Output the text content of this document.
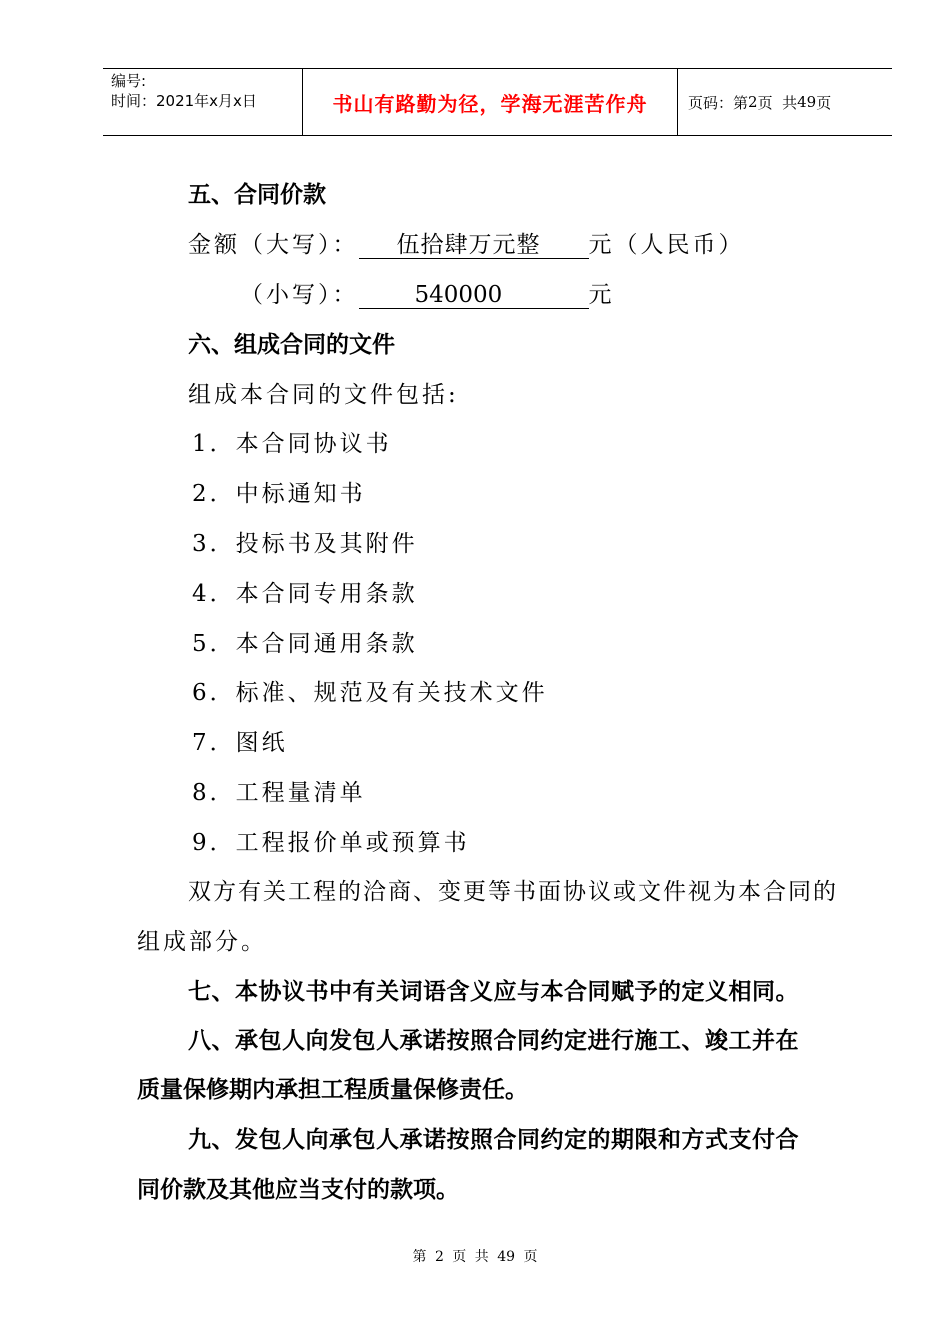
编号:
时间：2021年x月x日	书山有路勤为径，学海无涯苦作舟	页码：第 2 页  共 49 页
五、合同价款
金额（大写）： 伍拾肆万元整 元（人民币）
（小写）： 540000	元
六、组成合同的文件
组成本合同的文件包括:
1．本合同协议书
2．中标通知书
3．投标书及其附件
4．本合同专用条款
5．本合同通用条款
6．标准、规范及有关技术文件
7．图纸
8．工程量清单
9．工程报价单或预算书
双方有关工程的洽商、变更等书面协议或文件视为本合同的
组成部分。
七、本协议书中有关词语含义应与本合同赋予的定义相同。
八、承包人向发包人承诺按照合同约定进行施工、竣工并在
质量保修期内承担工程质量保修责任。
九、发包人向承包人承诺按照合同约定的期限和方式支付合
同价款及其他应当支付的款项。
第 2 页 共 49 页
